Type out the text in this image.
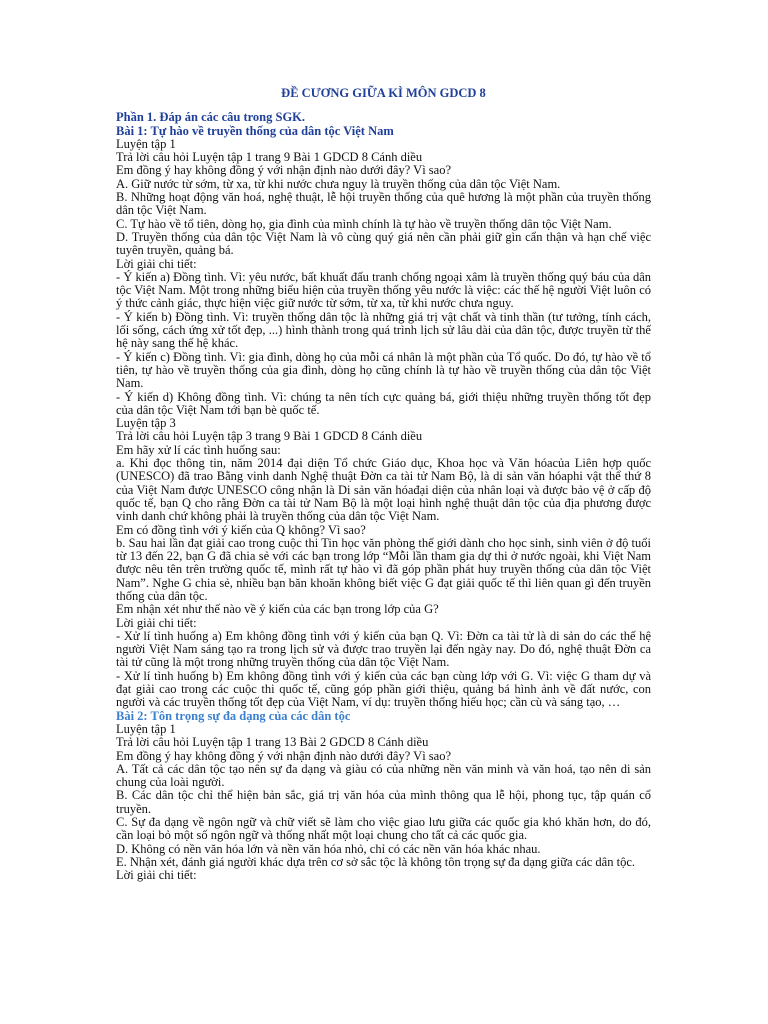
ĐỀ CƯƠNG GIỮA KÌ MÔN GDCD 8

Phần 1. Đáp án các câu trong SGK.

Bài 1: Tự hào về truyền thống của dân tộc Việt Nam

Luyện tập 1

Trả lời câu hỏi Luyện tập 1 trang 9 Bài 1 GDCD 8 Cánh diều

Em đồng ý hay không đồng ý với nhận định nào dưới đây? Vì sao?

A. Giữ nước từ sớm, từ xa, từ khi nước chưa nguy là truyền thống của dân tộc Việt Nam.

B. Những hoạt động văn hoá, nghệ thuật, lễ hội truyền thống của quê hương là một phần của truyền thống dân tộc Việt Nam.

C. Tự hào về tổ tiên, dòng họ, gia đình của mình chính là tự hào về truyền thống dân tộc Việt Nam.

D. Truyền thống của dân tộc Việt Nam là vô cùng quý giá nên cần phải giữ gìn cẩn thận và hạn chế việc tuyên truyền, quảng bá.

Lời giải chi tiết:

- Ý kiến a) Đồng tình. Vì: yêu nước, bất khuất đấu tranh chống ngoại xâm là truyền thống quý báu của dân tộc Việt Nam. Một trong những biểu hiện của truyền thống yêu nước là việc: các thế hệ người Việt luôn có ý thức cảnh giác, thực hiện việc giữ nước từ sớm, từ xa, từ khi nước chưa nguy.

- Ý kiến b) Đồng tình. Vì: truyền thống dân tộc là những giá trị vật chất và tinh thần (tư tưởng, tính cách, lối sống, cách ứng xử tốt đẹp, ...) hình thành trong quá trình lịch sử lâu dài của dân tộc, được truyền từ thế hệ này sang thế hệ khác.

- Ý kiến c) Đồng tình. Vì: gia đình, dòng họ của mỗi cá nhân là một phần của Tổ quốc. Do đó, tự hào về tổ tiên, tự hào về truyền thống của gia đình, dòng họ cũng chính là tự hào về truyền thống của dân tộc Việt Nam.

- Ý kiến d) Không đồng tình. Vì: chúng ta nên tích cực quảng bá, giới thiệu những truyền thống tốt đẹp của dân tộc Việt Nam tới bạn bè quốc tế.

Luyện tập 3

Trả lời câu hỏi Luyện tập 3 trang 9 Bài 1 GDCD 8 Cánh diều

Em hãy xử lí các tình huống sau:

a. Khi đọc thông tin, năm 2014 đại diện Tổ chức Giáo dục, Khoa học và Văn hóacủa Liên hợp quốc (UNESCO) đã trao Bằng vinh danh Nghệ thuật Đờn ca tài tử Nam Bộ, là di sản văn hóaphi vật thể thứ 8 của Việt Nam được UNESCO công nhận là Di sản văn hóađại diện của nhân loại và được bảo vệ ở cấp độ quốc tế, bạn Q cho rằng Đờn ca tài tử Nam Bộ là một loại hình nghệ thuật dân tộc của địa phương được vinh danh chứ không phải là truyền thống của dân tộc Việt Nam.

Em có đồng tình với ý kiến của Q không? Vì sao?

b. Sau hai lần đạt giải cao trong cuộc thi Tin học văn phòng thế giới dành cho học sinh, sinh viên ở độ tuổi từ 13 đến 22, bạn G đã chia sẻ với các bạn trong lớp “Mỗi lần tham gia dự thi ở nước ngoài, khi Việt Nam được nêu tên trên trường quốc tế, mình rất tự hào vì đã góp phần phát huy truyền thống của dân tộc Việt Nam”. Nghe G chia sẻ, nhiều bạn băn khoăn không biết việc G đạt giải quốc tế thì liên quan gì đến truyền thống của dân tộc.

Em nhận xét như thế nào về ý kiến của các bạn trong lớp của G?

Lời giải chi tiết:

- Xử lí tình huống a) Em không đồng tình với ý kiến của bạn Q. Vì: Đờn ca tài tử là di sản do các thế hệ người Việt Nam sáng tạo ra trong lịch sử và được trao truyền lại đến ngày nay. Do đó, nghệ thuật Đờn ca tài tử cũng là một trong những truyền thống của dân tộc Việt Nam.

- Xử lí tình huống b) Em không đồng tình với ý kiến của các bạn cùng lớp với G. Vì: việc G tham dự và đạt giải cao trong các cuộc thi quốc tế, cũng góp phần giới thiệu, quảng bá hình ảnh về đất nước, con người và các truyền thống tốt đẹp của Việt Nam, ví dụ: truyền thống hiếu học; cần cù và sáng tạo, …

Bài 2: Tôn trọng sự đa dạng của các dân tộc

Luyện tập 1

Trả lời câu hỏi Luyện tập 1 trang 13 Bài 2 GDCD 8 Cánh diều

Em đồng ý hay không đồng ý với nhận định nào dưới đây? Vì sao?

A. Tất cả các dân tộc tạo nên sự đa dạng và giàu có của những nền văn minh và văn hoá, tạo nên di sản chung của loài người.

B. Các dân tộc chỉ thể hiện bản sắc, giá trị văn hóa của mình thông qua lễ hội, phong tục, tập quán cổ truyền.

C. Sự đa dạng về ngôn ngữ và chữ viết sẽ làm cho việc giao lưu giữa các quốc gia khó khăn hơn, do đó, cần loại bỏ một số ngôn ngữ và thống nhất một loại chung cho tất cả các quốc gia.

D. Không có nền văn hóa lớn và nền văn hóa nhỏ, chỉ có các nền văn hóa khác nhau.

E. Nhận xét, đánh giá người khác dựa trên cơ sở sắc tộc là không tôn trọng sự đa dạng giữa các dân tộc.

Lời giải chi tiết:
